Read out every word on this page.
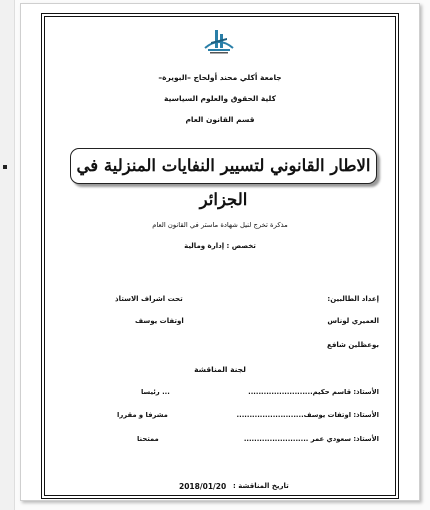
جامعة أكلي محند أولحاج –البويرة–
كلية الحقوق والعلوم السياسية
قسم القانون العام
الاطار القانوني لتسيير النفايات المنزلية في الجزائر
مذكرة تخرج لنيل شهادة ماستر في القانون العام
تخصص : إدارة ومالية
إعداد الطالبين:
تحت اشراف الاستاذ
العميري لوناس
اوتفات يوسف
بوعظلين شافع
لجنة المناقشة
الأستاذ: قاسم حكيم.........................
... رئيسا
الأستاذ: اوتفات يوسف..........................
مشرفا و مقررا
الأستاذ: سعودي عمر .........................
ممتحنا
تاريخ المناقشة :
2018/01/20
